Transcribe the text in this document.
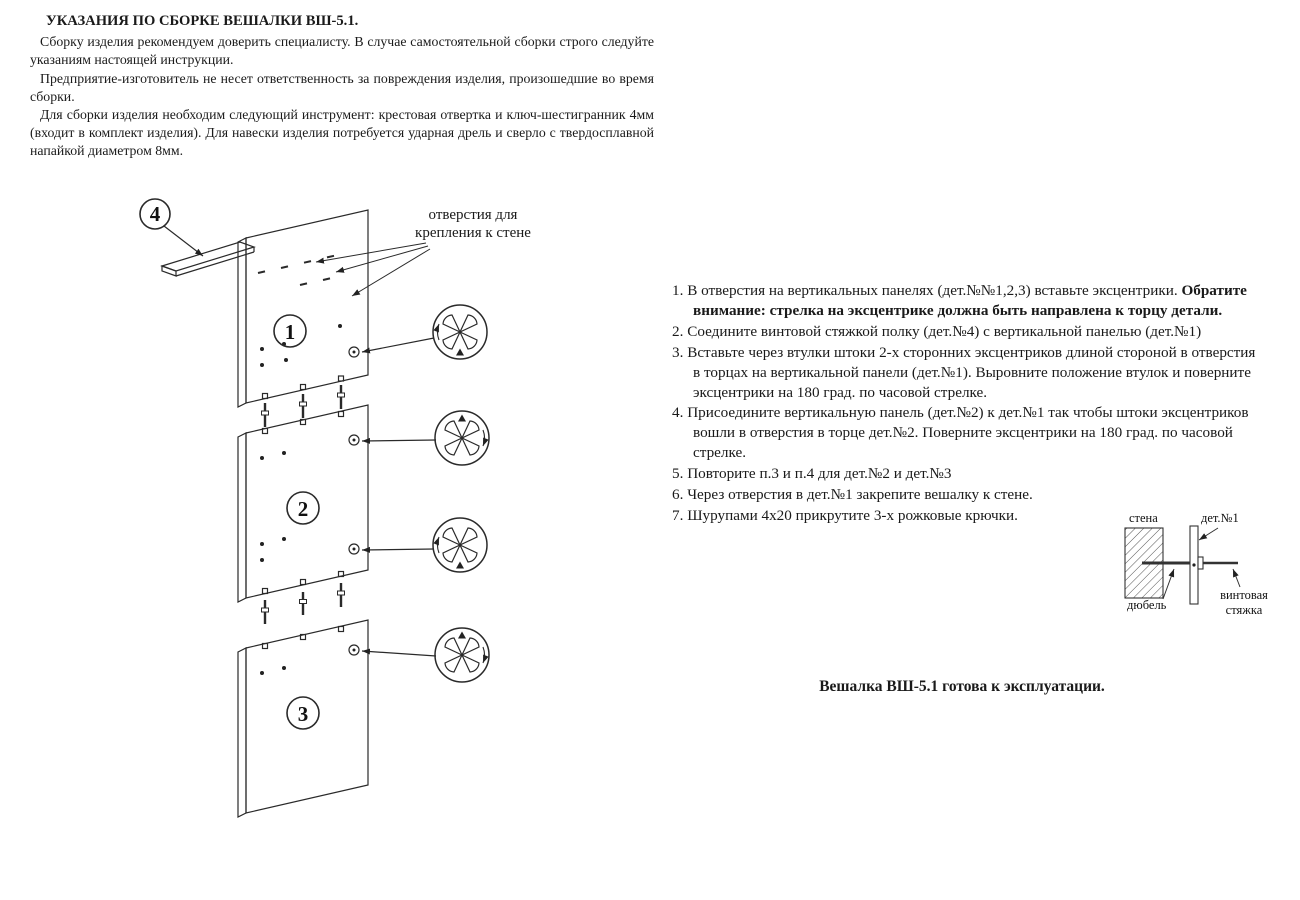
УКАЗАНИЯ ПО СБОРКЕ ВЕШАЛКИ ВШ-5.1.

Сборку изделия рекомендуем доверить специалисту. В случае самостоятельной сборки строго следуйте указаниям настоящей инструкции.

Предприятие-изготовитель не несет ответственность за повреждения изделия, произошедшие во время сборки.

Для сборки изделия необходим следующий инструмент: крестовая отвертка и ключ-шестигранник 4мм (входит в комплект изделия). Для навески изделия потребуется ударная дрель и сверло с твердосплавной напайкой диаметром 8мм.

4
1
2
3
отверстия для крепления к стене
1. В отверстия на вертикальных панелях (дет.№№1,2,3) вставьте эксцентрики. Обратите внимание: стрелка на эксцентрике должна быть направлена к торцу детали.
2. Соедините винтовой стяжкой полку (дет.№4) с вертикальной панелью (дет.№1)
3. Вставьте через втулки штоки 2-х сторонних эксцентриков длиной стороной в отверстия в торцах на вертикальной панели (дет.№1). Выровните положение втулок и поверните эксцентрики на 180 град. по часовой стрелке.
4. Присоедините вертикальную панель (дет.№2) к дет.№1 так чтобы штоки эксцентриков вошли в отверстия в торце дет.№2. Поверните эксцентрики на 180 град. по часовой стрелке.
5. Повторите п.3 и п.4 для дет.№2 и дет.№3
6. Через отверстия в дет.№1 закрепите вешалку к стене.
7. Шурупами 4х20 прикрутите 3-х рожковые крючки.	стена	дет.№1
дюбель
винтовая стяжка
Вешалка ВШ-5.1 готова к эксплуатации.
